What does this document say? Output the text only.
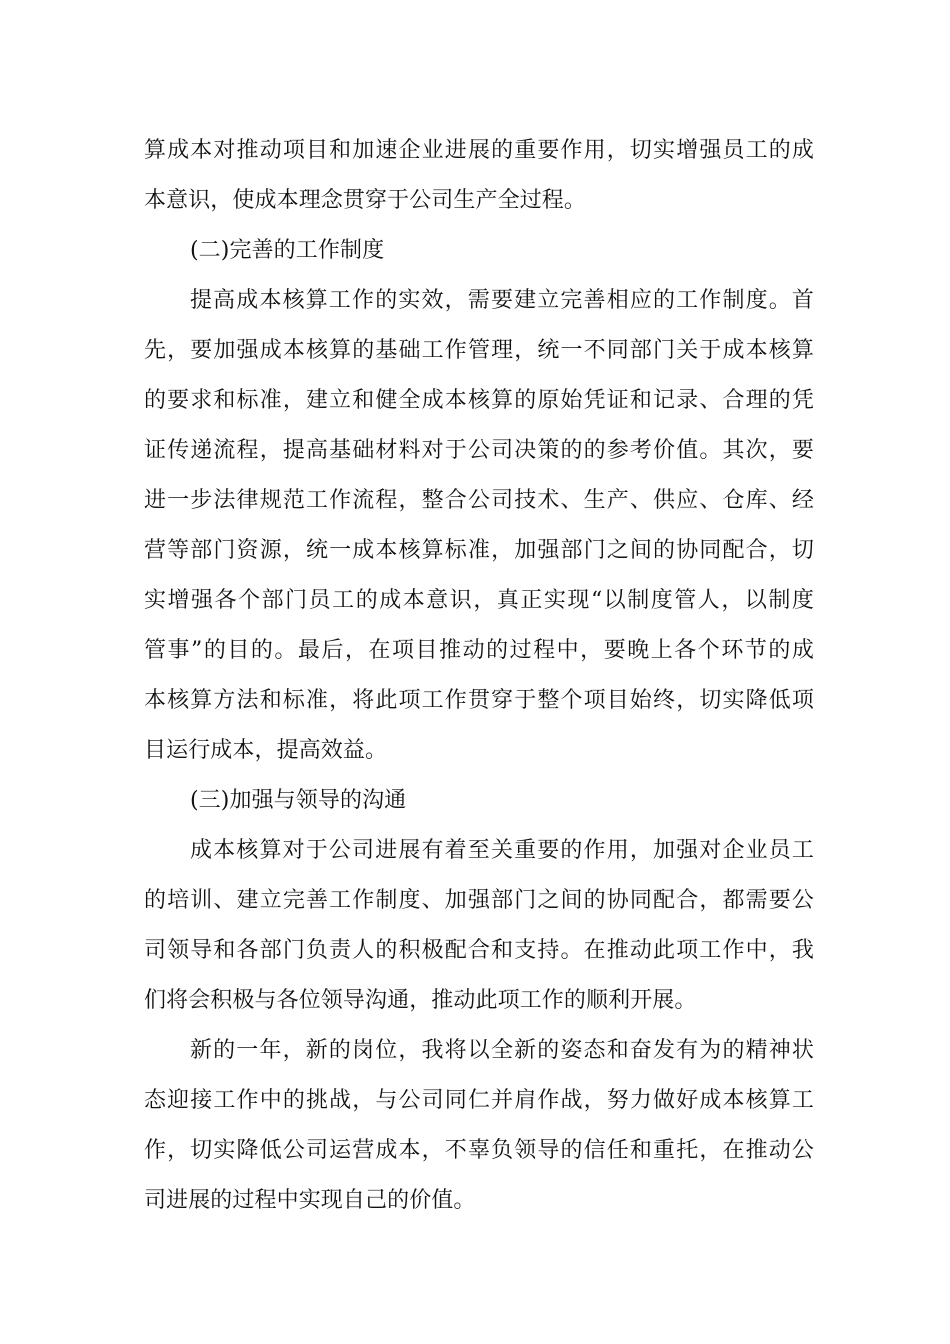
算成本对推动项目和加速企业进展的重要作用，切实增强员工的成
本意识，使成本理念贯穿于公司生产全过程。
(二)完善的工作制度
提高成本核算工作的实效，需要建立完善相应的工作制度。首
先，要加强成本核算的基础工作管理，统一不同部门关于成本核算
的要求和标准，建立和健全成本核算的原始凭证和记录、合理的凭
证传递流程，提高基础材料对于公司决策的的参考价值。其次，要
进一步法律规范工作流程，整合公司技术、生产、供应、仓库、经
营等部门资源，统一成本核算标准，加强部门之间的协同配合，切
实增强各个部门员工的成本意识，真正实现“以制度管人，以制度
管事”的目的。最后，在项目推动的过程中，要晚上各个环节的成
本核算方法和标准，将此项工作贯穿于整个项目始终，切实降低项
目运行成本，提高效益。
(三)加强与领导的沟通
成本核算对于公司进展有着至关重要的作用，加强对企业员工
的培训、建立完善工作制度、加强部门之间的协同配合，都需要公
司领导和各部门负责人的积极配合和支持。在推动此项工作中，我
们将会积极与各位领导沟通，推动此项工作的顺利开展。
新的一年，新的岗位，我将以全新的姿态和奋发有为的精神状
态迎接工作中的挑战，与公司同仁并肩作战，努力做好成本核算工
作，切实降低公司运营成本，不辜负领导的信任和重托，在推动公
司进展的过程中实现自己的价值。
